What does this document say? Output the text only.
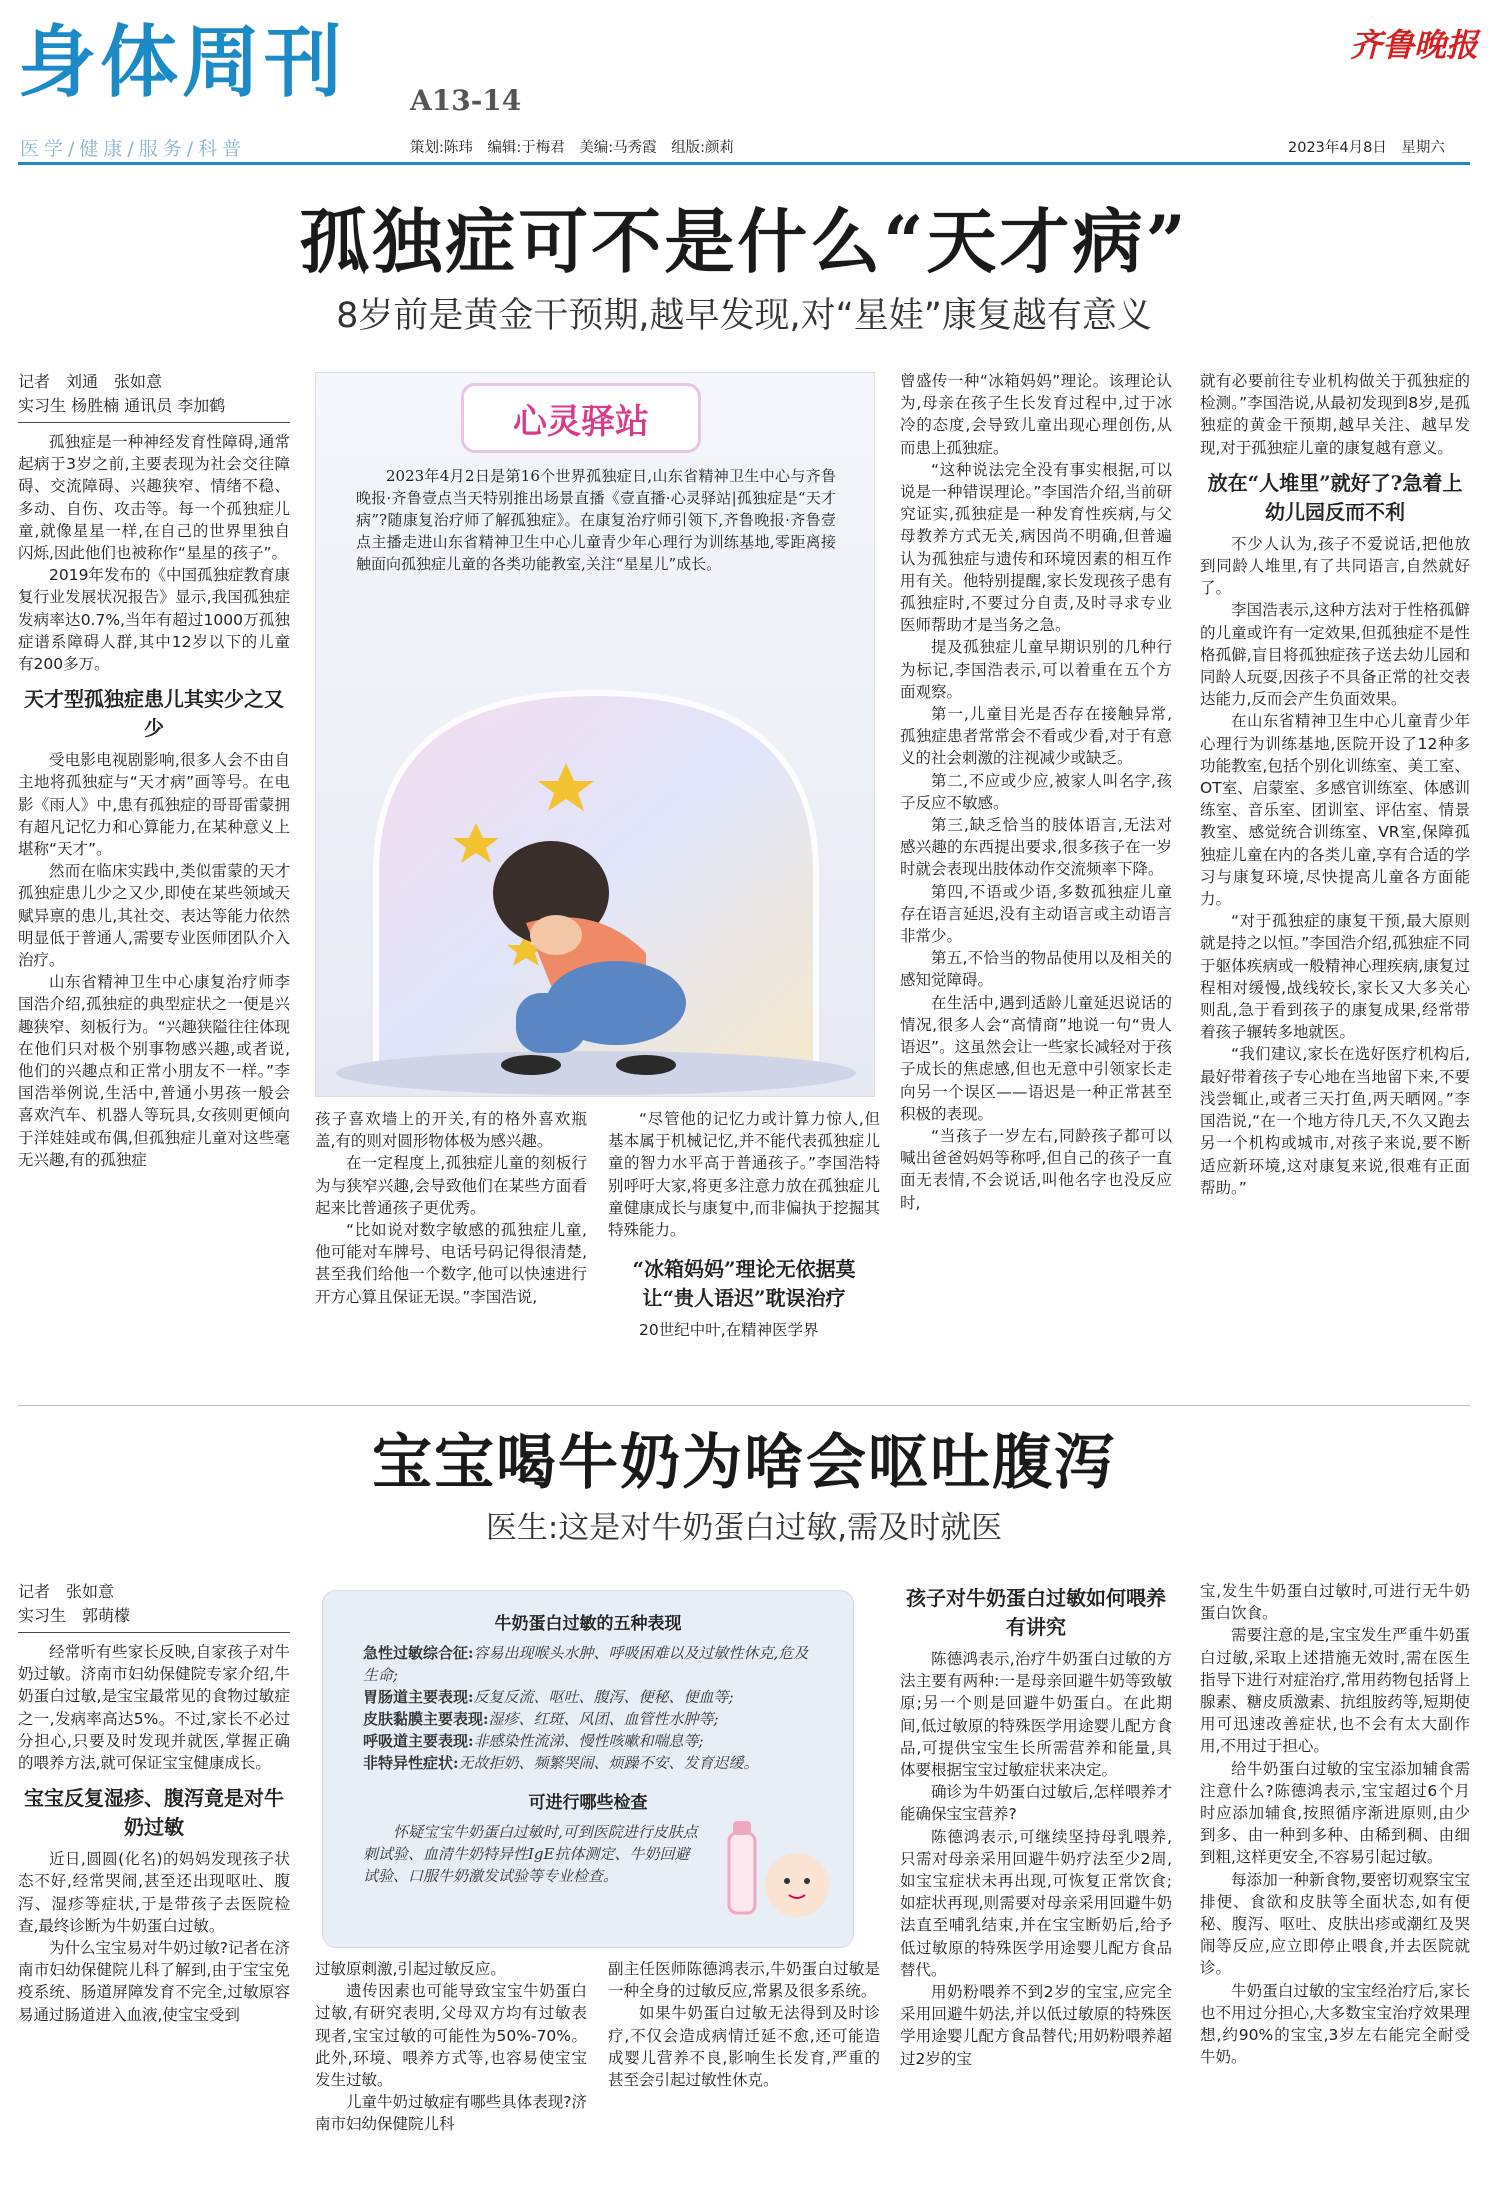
身体周刊 A13-14
医学/健康/服务/科普	策划:陈玮　编辑:于梅君　美编:马秀霞　组版:颜莉	2023年4月8日　星期六
齐鲁晚报
孤独症可不是什么“天才病”
8岁前是黄金干预期,越早发现,对“星娃”康复越有意义
记者　刘通　张如意
实习生 杨胜楠 通讯员 李加鹤

孤独症是一种神经发育性障碍,通常起病于3岁之前,主要表现为社会交往障碍、交流障碍、兴趣狭窄、情绪不稳、多动、自伤、攻击等。每一个孤独症儿童,就像星星一样,在自己的世界里独自闪烁,因此他们也被称作“星星的孩子”。

2019年发布的《中国孤独症教育康复行业发展状况报告》显示,我国孤独症发病率达0.7%,当年有超过1000万孤独症谱系障碍人群,其中12岁以下的儿童有200多万。

天才型孤独症患儿其实少之又少

受电影电视剧影响,很多人会不由自主地将孤独症与“天才病”画等号。在电影《雨人》中,患有孤独症的哥哥雷蒙拥有超凡记忆力和心算能力,在某种意义上堪称“天才”。

然而在临床实践中,类似雷蒙的天才孤独症患儿少之又少,即使在某些领域天赋异禀的患儿,其社交、表达等能力依然明显低于普通人,需要专业医师团队介入治疗。

山东省精神卫生中心康复治疗师李国浩介绍,孤独症的典型症状之一便是兴趣狭窄、刻板行为。“兴趣狭隘往往体现在他们只对极个别事物感兴趣,或者说,他们的兴趣点和正常小朋友不一样。”李国浩举例说,生活中,普通小男孩一般会喜欢汽车、机器人等玩具,女孩则更倾向于洋娃娃或布偶,但孤独症儿童对这些毫无兴趣,有的孤独症

心灵驿站
2023年4月2日是第16个世界孤独症日,山东省精神卫生中心与齐鲁晚报·齐鲁壹点当天特别推出场景直播《壹直播·心灵驿站|孤独症是“天才病”?随康复治疗师了解孤独症》。在康复治疗师引领下,齐鲁晚报·齐鲁壹点主播走进山东省精神卫生中心儿童青少年心理行为训练基地,零距离接触面向孤独症儿童的各类功能教室,关注“星星儿”成长。

孩子喜欢墙上的开关,有的格外喜欢瓶盖,有的则对圆形物体极为感兴趣。

在一定程度上,孤独症儿童的刻板行为与狭窄兴趣,会导致他们在某些方面看起来比普通孩子更优秀。

“比如说对数字敏感的孤独症儿童,他可能对车牌号、电话号码记得很清楚,甚至我们给他一个数字,他可以快速进行开方心算且保证无误。”李国浩说,

“尽管他的记忆力或计算力惊人,但基本属于机械记忆,并不能代表孤独症儿童的智力水平高于普通孩子。”李国浩特别呼吁大家,将更多注意力放在孤独症儿童健康成长与康复中,而非偏执于挖掘其特殊能力。

“冰箱妈妈”理论无依据莫让“贵人语迟”耽误治疗

20世纪中叶,在精神医学界

曾盛传一种“冰箱妈妈”理论。该理论认为,母亲在孩子生长发育过程中,过于冰冷的态度,会导致儿童出现心理创伤,从而患上孤独症。

“这种说法完全没有事实根据,可以说是一种错误理论。”李国浩介绍,当前研究证实,孤独症是一种发育性疾病,与父母教养方式无关,病因尚不明确,但普遍认为孤独症与遗传和环境因素的相互作用有关。他特别提醒,家长发现孩子患有孤独症时,不要过分自责,及时寻求专业医师帮助才是当务之急。

提及孤独症儿童早期识别的几种行为标记,李国浩表示,可以着重在五个方面观察。

第一,儿童目光是否存在接触异常,孤独症患者常常会不看或少看,对于有意义的社会刺激的注视减少或缺乏。

第二,不应或少应,被家人叫名字,孩子反应不敏感。

第三,缺乏恰当的肢体语言,无法对感兴趣的东西提出要求,很多孩子在一岁时就会表现出肢体动作交流频率下降。

第四,不语或少语,多数孤独症儿童存在语言延迟,没有主动语言或主动语言非常少。

第五,不恰当的物品使用以及相关的感知觉障碍。

在生活中,遇到适龄儿童延迟说话的情况,很多人会“高情商”地说一句“贵人语迟”。这虽然会让一些家长减轻对于孩子成长的焦虑感,但也无意中引领家长走向另一个误区——语迟是一种正常甚至积极的表现。

“当孩子一岁左右,同龄孩子都可以喊出爸爸妈妈等称呼,但自己的孩子一直面无表情,不会说话,叫他名字也没反应时,

就有必要前往专业机构做关于孤独症的检测。”李国浩说,从最初发现到8岁,是孤独症的黄金干预期,越早关注、越早发现,对于孤独症儿童的康复越有意义。

放在“人堆里”就好了?急着上幼儿园反而不利

不少人认为,孩子不爱说话,把他放到同龄人堆里,有了共同语言,自然就好了。

李国浩表示,这种方法对于性格孤僻的儿童或许有一定效果,但孤独症不是性格孤僻,盲目将孤独症孩子送去幼儿园和同龄人玩耍,因孩子不具备正常的社交表达能力,反而会产生负面效果。

在山东省精神卫生中心儿童青少年心理行为训练基地,医院开设了12种多功能教室,包括个别化训练室、美工室、OT室、启蒙室、多感官训练室、体感训练室、音乐室、团训室、评估室、情景教室、感觉统合训练室、VR室,保障孤独症儿童在内的各类儿童,享有合适的学习与康复环境,尽快提高儿童各方面能力。

“对于孤独症的康复干预,最大原则就是持之以恒。”李国浩介绍,孤独症不同于躯体疾病或一般精神心理疾病,康复过程相对缓慢,战线较长,家长又大多关心则乱,急于看到孩子的康复成果,经常带着孩子辗转多地就医。

“我们建议,家长在选好医疗机构后,最好带着孩子专心地在当地留下来,不要浅尝辄止,或者三天打鱼,两天晒网。”李国浩说,“在一个地方待几天,不久又跑去另一个机构或城市,对孩子来说,要不断适应新环境,这对康复来说,很难有正面帮助。”

宝宝喝牛奶为啥会呕吐腹泻
医生:这是对牛奶蛋白过敏,需及时就医
记者　张如意
实习生　郭萌檬

经常听有些家长反映,自家孩子对牛奶过敏。济南市妇幼保健院专家介绍,牛奶蛋白过敏,是宝宝最常见的食物过敏症之一,发病率高达5%。不过,家长不必过分担心,只要及时发现并就医,掌握正确的喂养方法,就可保证宝宝健康成长。

宝宝反复湿疹、腹泻竟是对牛奶过敏

近日,圆圆(化名)的妈妈发现孩子状态不好,经常哭闹,甚至还出现呕吐、腹泻、湿疹等症状,于是带孩子去医院检查,最终诊断为牛奶蛋白过敏。

为什么宝宝易对牛奶过敏?记者在济南市妇幼保健院儿科了解到,由于宝宝免疫系统、肠道屏障发育不完全,过敏原容易通过肠道进入血液,使宝宝受到

牛奶蛋白过敏的五种表现
急性过敏综合征:容易出现喉头水肿、呼吸困难以及过敏性休克,危及生命;
胃肠道主要表现:反复反流、呕吐、腹泻、便秘、便血等;
皮肤黏膜主要表现:湿疹、红斑、风团、血管性水肿等;
呼吸道主要表现:非感染性流涕、慢性咳嗽和喘息等;
非特异性症状:无故拒奶、频繁哭闹、烦躁不安、发育迟缓。
可进行哪些检查
怀疑宝宝牛奶蛋白过敏时,可到医院进行皮肤点刺试验、血清牛奶特异性IgE抗体测定、牛奶回避试验、口服牛奶激发试验等专业检查。

过敏原刺激,引起过敏反应。

遗传因素也可能导致宝宝牛奶蛋白过敏,有研究表明,父母双方均有过敏表现者,宝宝过敏的可能性为50%-70%。此外,环境、喂养方式等,也容易使宝宝发生过敏。

儿童牛奶过敏症有哪些具体表现?济南市妇幼保健院儿科

副主任医师陈德鸿表示,牛奶蛋白过敏是一种全身的过敏反应,常累及很多系统。

如果牛奶蛋白过敏无法得到及时诊疗,不仅会造成病情迁延不愈,还可能造成婴儿营养不良,影响生长发育,严重的甚至会引起过敏性休克。

孩子对牛奶蛋白过敏如何喂养有讲究

陈德鸿表示,治疗牛奶蛋白过敏的方法主要有两种:一是母亲回避牛奶等致敏原;另一个则是回避牛奶蛋白。在此期间,低过敏原的特殊医学用途婴儿配方食品,可提供宝宝生长所需营养和能量,具体要根据宝宝过敏症状来决定。

确诊为牛奶蛋白过敏后,怎样喂养才能确保宝宝营养?

陈德鸿表示,可继续坚持母乳喂养,只需对母亲采用回避牛奶疗法至少2周,如宝宝症状未再出现,可恢复正常饮食;如症状再现,则需要对母亲采用回避牛奶法直至哺乳结束,并在宝宝断奶后,给予低过敏原的特殊医学用途婴儿配方食品替代。

用奶粉喂养不到2岁的宝宝,应完全采用回避牛奶法,并以低过敏原的特殊医学用途婴儿配方食品替代;用奶粉喂养超过2岁的宝

宝,发生牛奶蛋白过敏时,可进行无牛奶蛋白饮食。

需要注意的是,宝宝发生严重牛奶蛋白过敏,采取上述措施无效时,需在医生指导下进行对症治疗,常用药物包括肾上腺素、糖皮质激素、抗组胺药等,短期使用可迅速改善症状,也不会有太大副作用,不用过于担心。

给牛奶蛋白过敏的宝宝添加辅食需注意什么?陈德鸿表示,宝宝超过6个月时应添加辅食,按照循序渐进原则,由少到多、由一种到多种、由稀到稠、由细到粗,这样更安全,不容易引起过敏。

每添加一种新食物,要密切观察宝宝排便、食欲和皮肤等全面状态,如有便秘、腹泻、呕吐、皮肤出疹或潮红及哭闹等反应,应立即停止喂食,并去医院就诊。

牛奶蛋白过敏的宝宝经治疗后,家长也不用过分担心,大多数宝宝治疗效果理想,约90%的宝宝,3岁左右能完全耐受牛奶。
